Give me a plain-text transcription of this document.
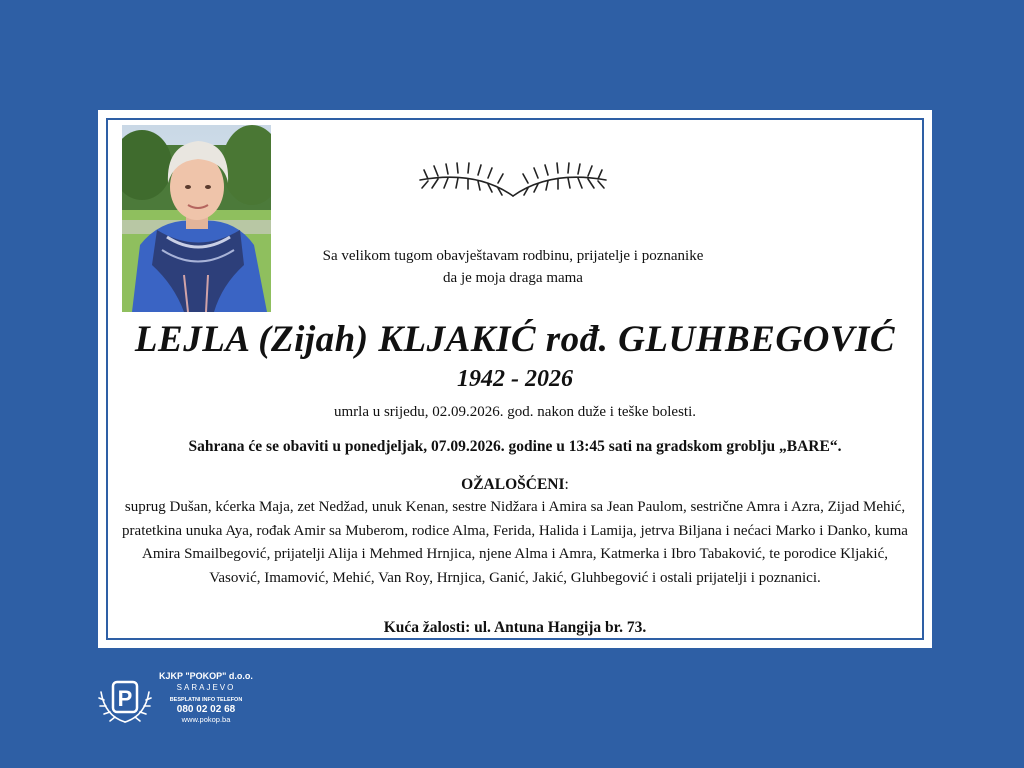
Sa velikom tugom obavještavam rodbinu, prijatelje i poznanike da je moja draga mama
LEJLA (Zijah) KLJAKIĆ rođ. GLUHBEGOVIĆ
1942 - 2026
umrla u srijedu, 02.09.2026. god. nakon duže i teške bolesti.
Sahrana će se obaviti u ponedjeljak, 07.09.2026. godine u 13:45 sati na gradskom groblju „BARE“.
OŽALOŠĆENI:
suprug Dušan, kćerka Maja, zet Nedžad, unuk Kenan, sestre Nidžara i Amira sa Jean Paulom, sestrične Amra i Azra, Zijad Mehić, pratetkina unuka Aya, rođak Amir sa Muberom, rodice Alma, Ferida, Halida i Lamija, jetrva Biljana i nećaci Marko i Danko, kuma Amira Smailbegović, prijatelji Alija i Mehmed Hrnjica, njene Alma i Amra, Katmerka i Ibro Tabaković, te porodice Kljakić, Vasović, Imamović, Mehić, Van Roy, Hrnjica, Ganić, Jakić, Gluhbegović i ostali prijatelji i poznanici.
Kuća žalosti: ul. Antuna Hangija br. 73.
P
KJKP "POKOP" d.o.o.
SARAJEVO
BESPLATNI INFO TELEFON
080 02 02 68
www.pokop.ba
